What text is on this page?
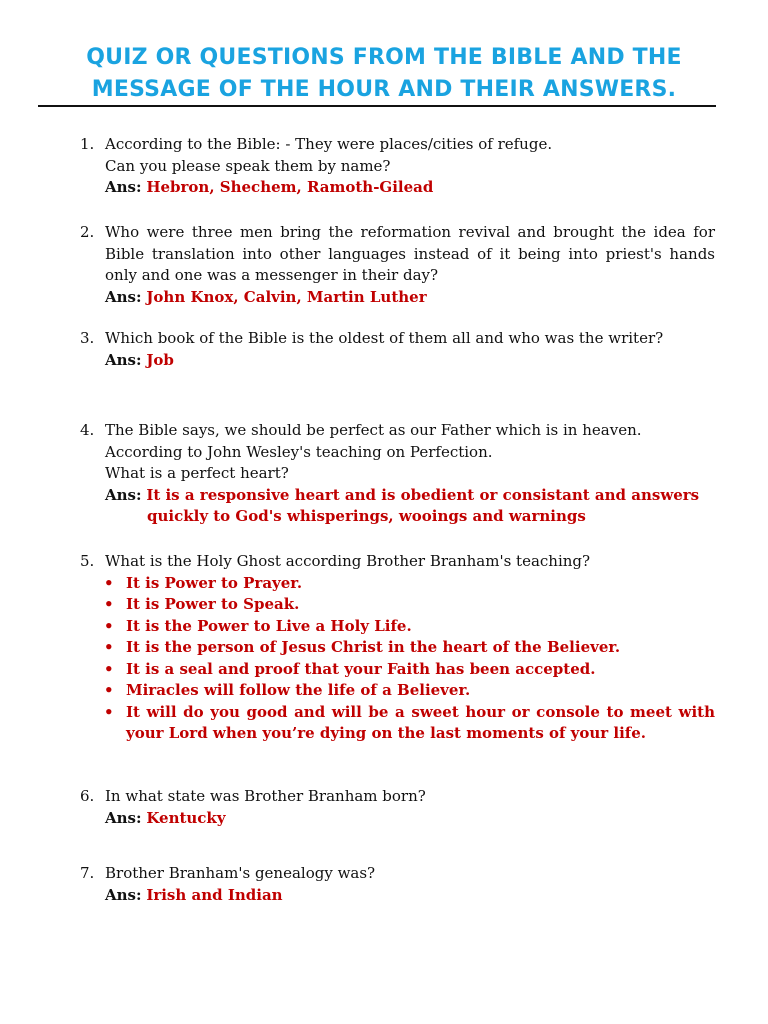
QUIZ OR QUESTIONS FROM THE BIBLE AND THE MESSAGE OF THE HOUR AND THEIR ANSWERS.
1. According to the Bible: - They were places/cities of refuge.
Can you please speak them by name?
Ans: Hebron, Shechem, Ramoth-Gilead
2. Who were three men bring the reformation revival and brought the idea for Bible translation into other languages instead of it being into priest's hands only and one was a messenger in their day?
Ans: John Knox, Calvin, Martin Luther
3. Which book of the Bible is the oldest of them all and who was the writer?
Ans: Job
4. The Bible says, we should be perfect as our Father which is in heaven.
According to John Wesley's teaching on Perfection.
What is a perfect heart?
Ans: It is a responsive heart and is obedient or consistant and answers quickly to God's whisperings, wooings and warnings
5. What is the Holy Ghost according Brother Branham's teaching?
• It is Power to Prayer.
• It is Power to Speak.
• It is the Power to Live a Holy Life.
• It is the person of Jesus Christ in the heart of the Believer.
• It is a seal and proof that your Faith has been accepted.
• Miracles will follow the life of a Believer.
• It will do you good and will be a sweet hour or console to meet with your Lord when you’re dying on the last moments of your life.
6. In what state was Brother Branham born?
Ans: Kentucky
7. Brother Branham's genealogy was?
Ans: Irish and Indian
